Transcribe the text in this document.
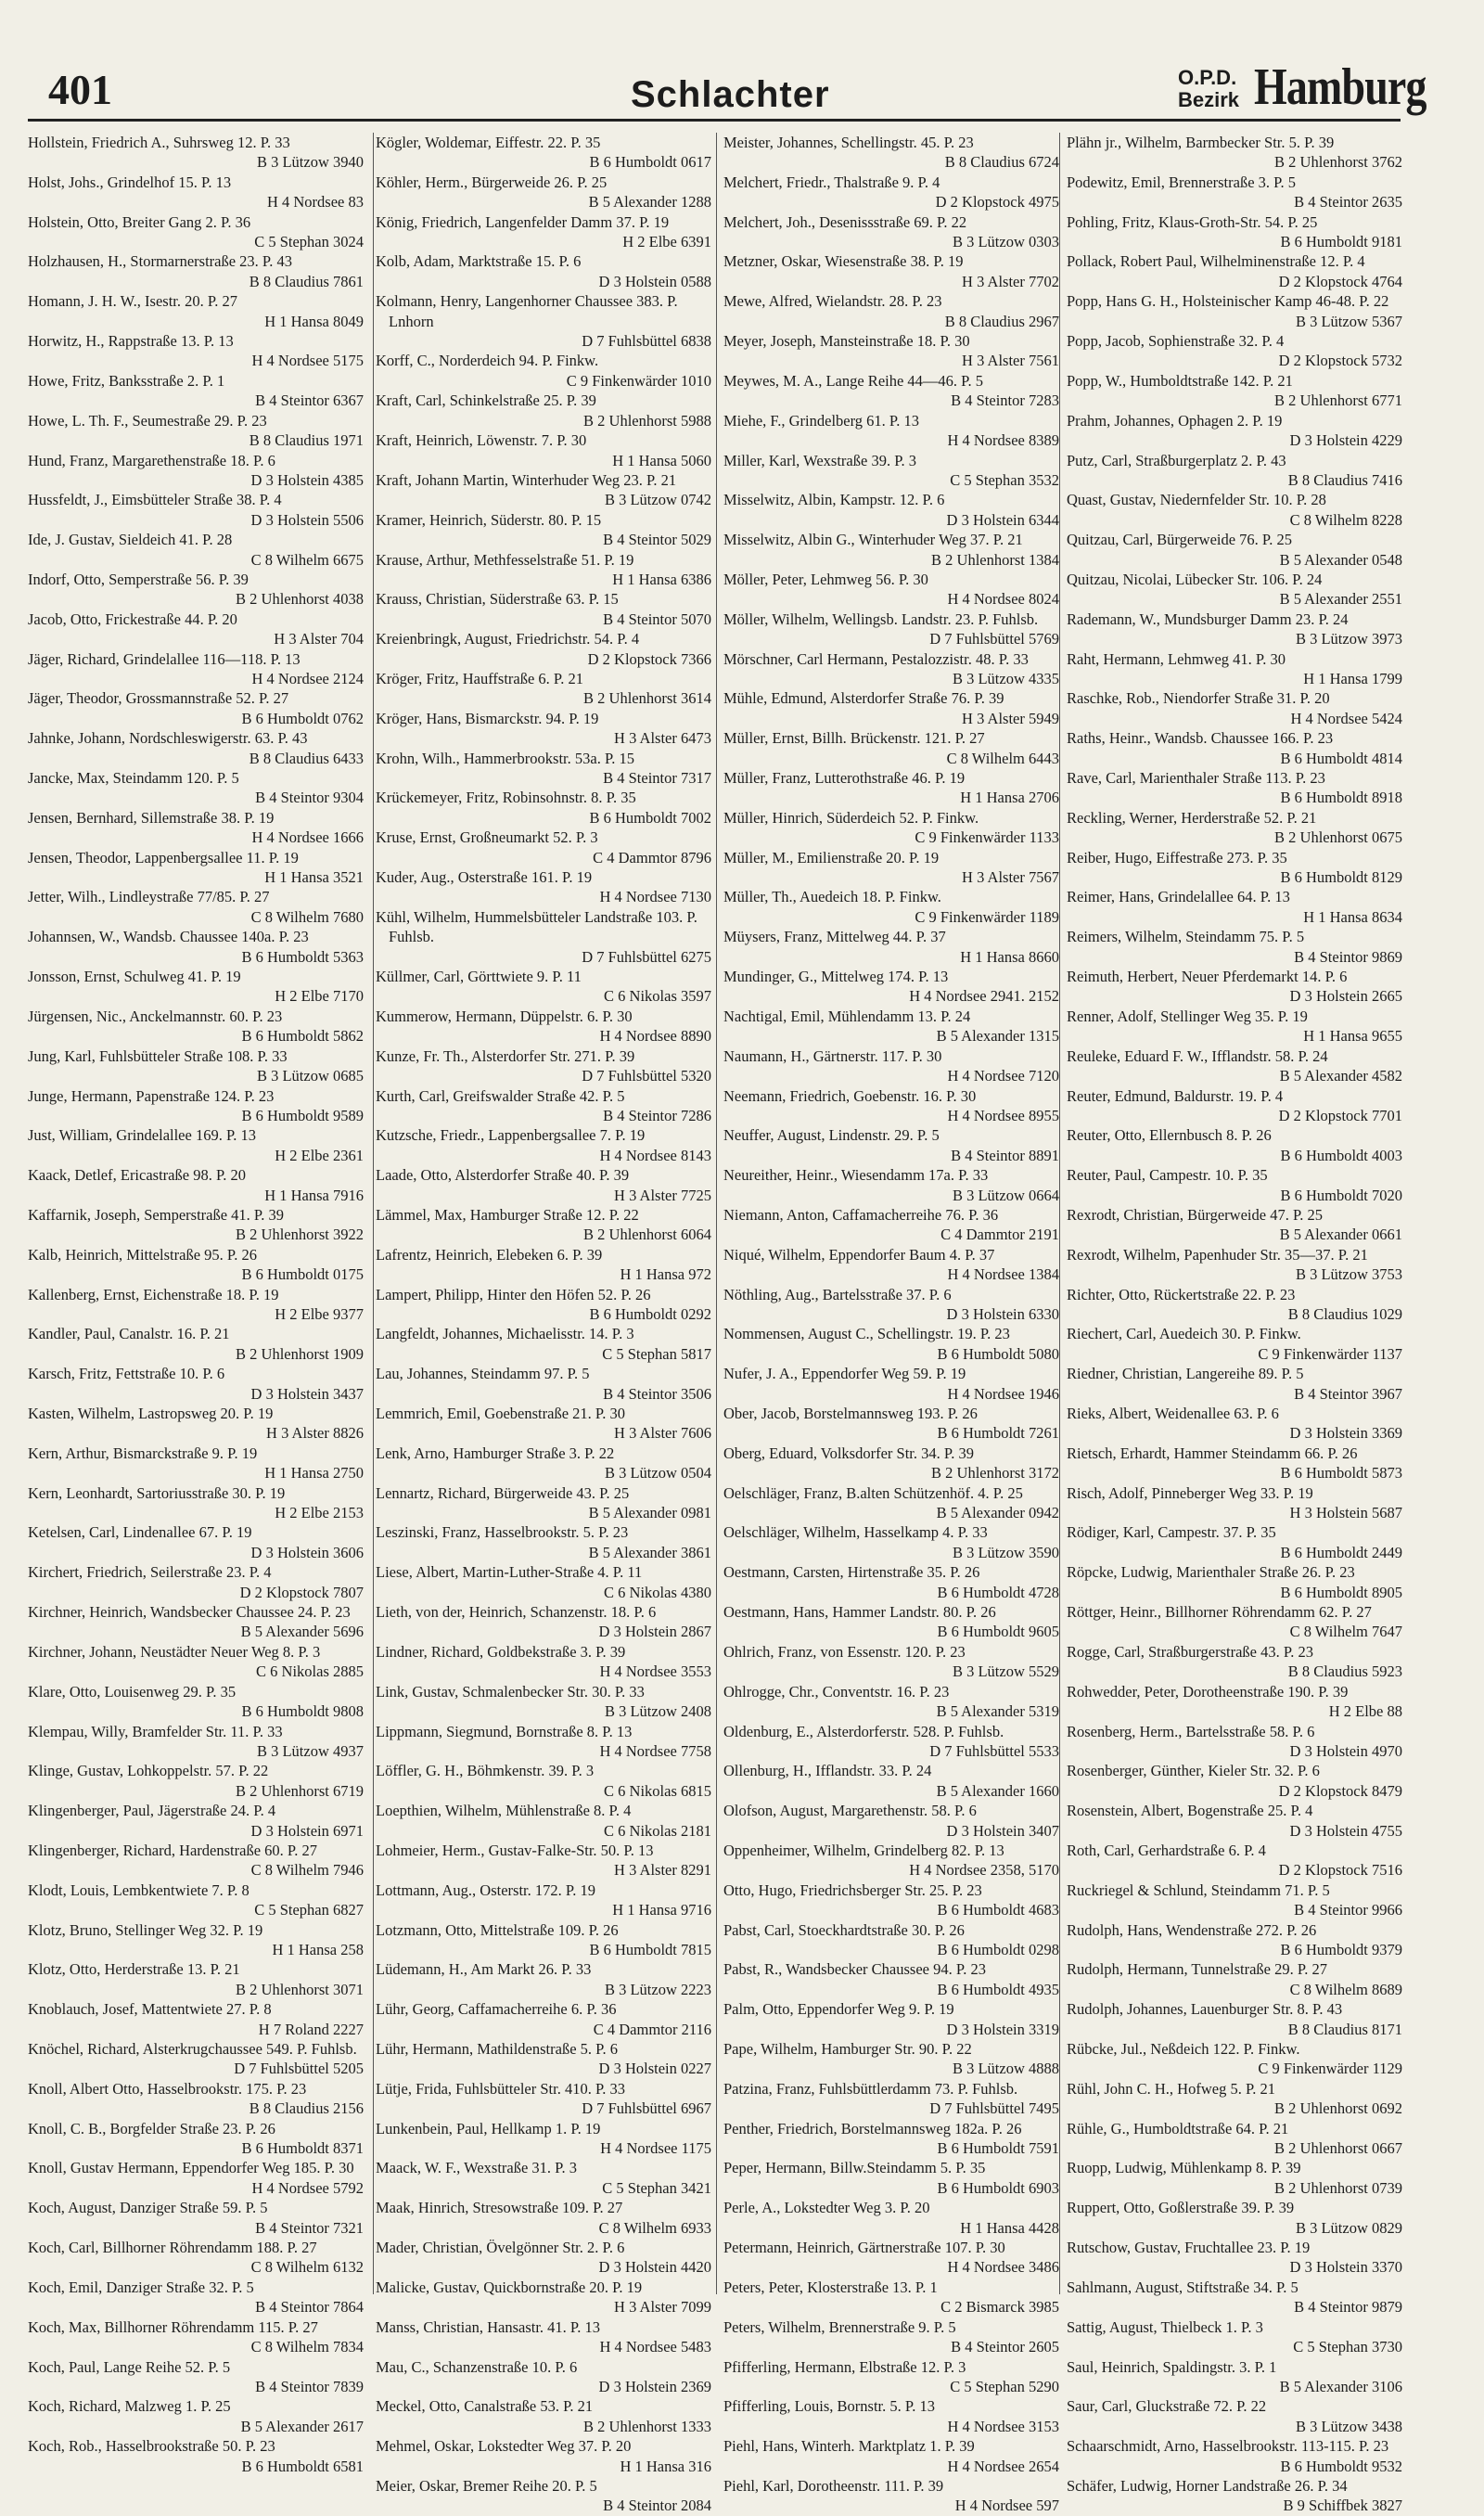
401	Schlachter	O.P.D.
Bezirk Hamburg
Hollstein, Friedrich A., Suhrsweg 12. P. 33
B 3 Lützow 3940
Holst, Johs., Grindelhof 15. P. 13
H 4 Nordsee 83
Holstein, Otto, Breiter Gang 2. P. 36
C 5 Stephan 3024
Holzhausen, H., Stormarnerstraße 23. P. 43
B 8 Claudius 7861
Homann, J. H. W., Isestr. 20. P. 27
H 1 Hansa 8049
Horwitz, H., Rappstraße 13. P. 13
H 4 Nordsee 5175
Howe, Fritz, Banksstraße 2. P. 1
B 4 Steintor 6367
Howe, L. Th. F., Seumestraße 29. P. 23
B 8 Claudius 1971
Hund, Franz, Margarethenstraße 18. P. 6
D 3 Holstein 4385
Hussfeldt, J., Eimsbütteler Straße 38. P. 4
D 3 Holstein 5506
Ide, J. Gustav, Sieldeich 41. P. 28
C 8 Wilhelm 6675
Indorf, Otto, Semperstraße 56. P. 39
B 2 Uhlenhorst 4038
Jacob, Otto, Frickestraße 44. P. 20
H 3 Alster 704
Jäger, Richard, Grindelallee 116—118. P. 13
H 4 Nordsee 2124
Jäger, Theodor, Grossmannstraße 52. P. 27
B 6 Humboldt 0762
Jahnke, Johann, Nordschleswigerstr. 63. P. 43
B 8 Claudius 6433
Jancke, Max, Steindamm 120. P. 5
B 4 Steintor 9304
Jensen, Bernhard, Sillemstraße 38. P. 19
H 4 Nordsee 1666
Jensen, Theodor, Lappenbergsallee 11. P. 19
H 1 Hansa 3521
Jetter, Wilh., Lindleystraße 77/85. P. 27
C 8 Wilhelm 7680
Johannsen, W., Wandsb. Chaussee 140a. P. 23
B 6 Humboldt 5363
Jonsson, Ernst, Schulweg 41. P. 19
H 2 Elbe 7170
Jürgensen, Nic., Anckelmannstr. 60. P. 23
B 6 Humboldt 5862
Jung, Karl, Fuhlsbütteler Straße 108. P. 33
B 3 Lützow 0685
Junge, Hermann, Papenstraße 124. P. 23
B 6 Humboldt 9589
Just, William, Grindelallee 169. P. 13
H 2 Elbe 2361
Kaack, Detlef, Ericastraße 98. P. 20
H 1 Hansa 7916
Kaffarnik, Joseph, Semperstraße 41. P. 39
B 2 Uhlenhorst 3922
Kalb, Heinrich, Mittelstraße 95. P. 26
B 6 Humboldt 0175
Kallenberg, Ernst, Eichenstraße 18. P. 19
H 2 Elbe 9377
Kandler, Paul, Canalstr. 16. P. 21
B 2 Uhlenhorst 1909
Karsch, Fritz, Fettstraße 10. P. 6
D 3 Holstein 3437
Kasten, Wilhelm, Lastropsweg 20. P. 19
H 3 Alster 8826
Kern, Arthur, Bismarckstraße 9. P. 19
H 1 Hansa 2750
Kern, Leonhardt, Sartoriusstraße 30. P. 19
H 2 Elbe 2153
Ketelsen, Carl, Lindenallee 67. P. 19
D 3 Holstein 3606
Kirchert, Friedrich, Seilerstraße 23. P. 4
D 2 Klopstock 7807
Kirchner, Heinrich, Wandsbecker Chaussee 24. P. 23
B 5 Alexander 5696
Kirchner, Johann, Neustädter Neuer Weg 8. P. 3
C 6 Nikolas 2885
Klare, Otto, Louisenweg 29. P. 35
B 6 Humboldt 9808
Klempau, Willy, Bramfelder Str. 11. P. 33
B 3 Lützow 4937
Klinge, Gustav, Lohkoppelstr. 57. P. 22
B 2 Uhlenhorst 6719
Klingenberger, Paul, Jägerstraße 24. P. 4
D 3 Holstein 6971
Klingenberger, Richard, Hardenstraße 60. P. 27
C 8 Wilhelm 7946
Klodt, Louis, Lembkentwiete 7. P. 8
C 5 Stephan 6827
Klotz, Bruno, Stellinger Weg 32. P. 19
H 1 Hansa 258
Klotz, Otto, Herderstraße 13. P. 21
B 2 Uhlenhorst 3071
Knoblauch, Josef, Mattentwiete 27. P. 8
H 7 Roland 2227
Knöchel, Richard, Alsterkrugchaussee 549. P. Fuhlsb.
D 7 Fuhlsbüttel 5205
Knoll, Albert Otto, Hasselbrookstr. 175. P. 23
B 8 Claudius 2156
Knoll, C. B., Borgfelder Straße 23. P. 26
B 6 Humboldt 8371
Knoll, Gustav Hermann, Eppendorfer Weg 185. P. 30
H 4 Nordsee 5792
Koch, August, Danziger Straße 59. P. 5
B 4 Steintor 7321
Koch, Carl, Billhorner Röhrendamm 188. P. 27
C 8 Wilhelm 6132
Koch, Emil, Danziger Straße 32. P. 5
B 4 Steintor 7864
Koch, Max, Billhorner Röhrendamm 115. P. 27
C 8 Wilhelm 7834
Koch, Paul, Lange Reihe 52. P. 5
B 4 Steintor 7839
Koch, Richard, Malzweg 1. P. 25
B 5 Alexander 2617
Koch, Rob., Hasselbrookstraße 50. P. 23
B 6 Humboldt 6581
Kögler, Woldemar, Eiffestr. 22. P. 35
B 6 Humboldt 0617
Köhler, Herm., Bürgerweide 26. P. 25
B 5 Alexander 1288
König, Friedrich, Langenfelder Damm 37. P. 19
H 2 Elbe 6391
Kolb, Adam, Marktstraße 15. P. 6
D 3 Holstein 0588
Kolmann, Henry, Langenhorner Chaussee 383. P. Lnhorn
D 7 Fuhlsbüttel 6838
Korff, C., Norderdeich 94. P. Finkw.
C 9 Finkenwärder 1010
Kraft, Carl, Schinkelstraße 25. P. 39
B 2 Uhlenhorst 5988
Kraft, Heinrich, Löwenstr. 7. P. 30
H 1 Hansa 5060
Kraft, Johann Martin, Winterhuder Weg 23. P. 21
B 3 Lützow 0742
Kramer, Heinrich, Süderstr. 80. P. 15
B 4 Steintor 5029
Krause, Arthur, Methfesselstraße 51. P. 19
H 1 Hansa 6386
Krauss, Christian, Süderstraße 63. P. 15
B 4 Steintor 5070
Kreienbringk, August, Friedrichstr. 54. P. 4
D 2 Klopstock 7366
Kröger, Fritz, Hauffstraße 6. P. 21
B 2 Uhlenhorst 3614
Kröger, Hans, Bismarckstr. 94. P. 19
H 3 Alster 6473
Krohn, Wilh., Hammerbrookstr. 53a. P. 15
B 4 Steintor 7317
Krückemeyer, Fritz, Robinsohnstr. 8. P. 35
B 6 Humboldt 7002
Kruse, Ernst, Großneumarkt 52. P. 3
C 4 Dammtor 8796
Kuder, Aug., Osterstraße 161. P. 19
H 4 Nordsee 7130
Kühl, Wilhelm, Hummelsbütteler Landstraße 103. P. Fuhlsb.
D 7 Fuhlsbüttel 6275
Küllmer, Carl, Görttwiete 9. P. 11
C 6 Nikolas 3597
Kummerow, Hermann, Düppelstr. 6. P. 30
H 4 Nordsee 8890
Kunze, Fr. Th., Alsterdorfer Str. 271. P. 39
D 7 Fuhlsbüttel 5320
Kurth, Carl, Greifswalder Straße 42. P. 5
B 4 Steintor 7286
Kutzsche, Friedr., Lappenbergsallee 7. P. 19
H 4 Nordsee 8143
Laade, Otto, Alsterdorfer Straße 40. P. 39
H 3 Alster 7725
Lämmel, Max, Hamburger Straße 12. P. 22
B 2 Uhlenhorst 6064
Lafrentz, Heinrich, Elebeken 6. P. 39
H 1 Hansa 972
Lampert, Philipp, Hinter den Höfen 52. P. 26
B 6 Humboldt 0292
Langfeldt, Johannes, Michaelisstr. 14. P. 3
C 5 Stephan 5817
Lau, Johannes, Steindamm 97. P. 5
B 4 Steintor 3506
Lemmrich, Emil, Goebenstraße 21. P. 30
H 3 Alster 7606
Lenk, Arno, Hamburger Straße 3. P. 22
B 3 Lützow 0504
Lennartz, Richard, Bürgerweide 43. P. 25
B 5 Alexander 0981
Leszinski, Franz, Hasselbrookstr. 5. P. 23
B 5 Alexander 3861
Liese, Albert, Martin-Luther-Straße 4. P. 11
C 6 Nikolas 4380
Lieth, von der, Heinrich, Schanzenstr. 18. P. 6
D 3 Holstein 2867
Lindner, Richard, Goldbekstraße 3. P. 39
H 4 Nordsee 3553
Link, Gustav, Schmalenbecker Str. 30. P. 33
B 3 Lützow 2408
Lippmann, Siegmund, Bornstraße 8. P. 13
H 4 Nordsee 7758
Löffler, G. H., Böhmkenstr. 39. P. 3
C 6 Nikolas 6815
Loepthien, Wilhelm, Mühlenstraße 8. P. 4
C 6 Nikolas 2181
Lohmeier, Herm., Gustav-Falke-Str. 50. P. 13
H 3 Alster 8291
Lottmann, Aug., Osterstr. 172. P. 19
H 1 Hansa 9716
Lotzmann, Otto, Mittelstraße 109. P. 26
B 6 Humboldt 7815
Lüdemann, H., Am Markt 26. P. 33
B 3 Lützow 2223
Lühr, Georg, Caffamacherreihe 6. P. 36
C 4 Dammtor 2116
Lühr, Hermann, Mathildenstraße 5. P. 6
D 3 Holstein 0227
Lütje, Frida, Fuhlsbütteler Str. 410. P. 33
D 7 Fuhlsbüttel 6967
Lunkenbein, Paul, Hellkamp 1. P. 19
H 4 Nordsee 1175
Maack, W. F., Wexstraße 31. P. 3
C 5 Stephan 3421
Maak, Hinrich, Stresowstraße 109. P. 27
C 8 Wilhelm 6933
Mader, Christian, Övelgönner Str. 2. P. 6
D 3 Holstein 4420
Malicke, Gustav, Quickbornstraße 20. P. 19
H 3 Alster 7099
Manss, Christian, Hansastr. 41. P. 13
H 4 Nordsee 5483
Mau, C., Schanzenstraße 10. P. 6
D 3 Holstein 2369
Meckel, Otto, Canalstraße 53. P. 21
B 2 Uhlenhorst 1333
Mehmel, Oskar, Lokstedter Weg 37. P. 20
H 1 Hansa 316
Meier, Oskar, Bremer Reihe 20. P. 5
B 4 Steintor 2084
Meister, Johannes, Schellingstr. 45. P. 23
B 8 Claudius 6724
Melchert, Friedr., Thalstraße 9. P. 4
D 2 Klopstock 4975
Melchert, Joh., Desenissstraße 69. P. 22
B 3 Lützow 0303
Metzner, Oskar, Wiesenstraße 38. P. 19
H 3 Alster 7702
Mewe, Alfred, Wielandstr. 28. P. 23
B 8 Claudius 2967
Meyer, Joseph, Mansteinstraße 18. P. 30
H 3 Alster 7561
Meywes, M. A., Lange Reihe 44—46. P. 5
B 4 Steintor 7283
Miehe, F., Grindelberg 61. P. 13
H 4 Nordsee 8389
Miller, Karl, Wexstraße 39. P. 3
C 5 Stephan 3532
Misselwitz, Albin, Kampstr. 12. P. 6
D 3 Holstein 6344
Misselwitz, Albin G., Winterhuder Weg 37. P. 21
B 2 Uhlenhorst 1384
Möller, Peter, Lehmweg 56. P. 30
H 4 Nordsee 8024
Möller, Wilhelm, Wellingsb. Landstr. 23. P. Fuhlsb.
D 7 Fuhlsbüttel 5769
Mörschner, Carl Hermann, Pestalozzistr. 48. P. 33
B 3 Lützow 4335
Mühle, Edmund, Alsterdorfer Straße 76. P. 39
H 3 Alster 5949
Müller, Ernst, Billh. Brückenstr. 121. P. 27
C 8 Wilhelm 6443
Müller, Franz, Lutterothstraße 46. P. 19
H 1 Hansa 2706
Müller, Hinrich, Süderdeich 52. P. Finkw.
C 9 Finkenwärder 1133
Müller, M., Emilienstraße 20. P. 19
H 3 Alster 7567
Müller, Th., Auedeich 18. P. Finkw.
C 9 Finkenwärder 1189
Müysers, Franz, Mittelweg 44. P. 37
H 1 Hansa 8660
Mundinger, G., Mittelweg 174. P. 13
H 4 Nordsee 2941. 2152
Nachtigal, Emil, Mühlendamm 13. P. 24
B 5 Alexander 1315
Naumann, H., Gärtnerstr. 117. P. 30
H 4 Nordsee 7120
Neemann, Friedrich, Goebenstr. 16. P. 30
H 4 Nordsee 8955
Neuffer, August, Lindenstr. 29. P. 5
B 4 Steintor 8891
Neureither, Heinr., Wiesendamm 17a. P. 33
B 3 Lützow 0664
Niemann, Anton, Caffamacherreihe 76. P. 36
C 4 Dammtor 2191
Niqué, Wilhelm, Eppendorfer Baum 4. P. 37
H 4 Nordsee 1384
Nöthling, Aug., Bartelsstraße 37. P. 6
D 3 Holstein 6330
Nommensen, August C., Schellingstr. 19. P. 23
B 6 Humboldt 5080
Nufer, J. A., Eppendorfer Weg 59. P. 19
H 4 Nordsee 1946
Ober, Jacob, Borstelmannsweg 193. P. 26
B 6 Humboldt 7261
Oberg, Eduard, Volksdorfer Str. 34. P. 39
B 2 Uhlenhorst 3172
Oelschläger, Franz, B.alten Schützenhöf. 4. P. 25
B 5 Alexander 0942
Oelschläger, Wilhelm, Hasselkamp 4. P. 33
B 3 Lützow 3590
Oestmann, Carsten, Hirtenstraße 35. P. 26
B 6 Humboldt 4728
Oestmann, Hans, Hammer Landstr. 80. P. 26
B 6 Humboldt 9605
Ohlrich, Franz, von Essenstr. 120. P. 23
B 3 Lützow 5529
Ohlrogge, Chr., Conventstr. 16. P. 23
B 5 Alexander 5319
Oldenburg, E., Alsterdorferstr. 528. P. Fuhlsb.
D 7 Fuhlsbüttel 5533
Ollenburg, H., Ifflandstr. 33. P. 24
B 5 Alexander 1660
Olofson, August, Margarethenstr. 58. P. 6
D 3 Holstein 3407
Oppenheimer, Wilhelm, Grindelberg 82. P. 13
H 4 Nordsee 2358, 5170
Otto, Hugo, Friedrichsberger Str. 25. P. 23
B 6 Humboldt 4683
Pabst, Carl, Stoeckhardtstraße 30. P. 26
B 6 Humboldt 0298
Pabst, R., Wandsbecker Chaussee 94. P. 23
B 6 Humboldt 4935
Palm, Otto, Eppendorfer Weg 9. P. 19
D 3 Holstein 3319
Pape, Wilhelm, Hamburger Str. 90. P. 22
B 3 Lützow 4888
Patzina, Franz, Fuhlsbüttlerdamm 73. P. Fuhlsb.
D 7 Fuhlsbüttel 7495
Penther, Friedrich, Borstelmannsweg 182a. P. 26
B 6 Humboldt 7591
Peper, Hermann, Billw.Steindamm 5. P. 35
B 6 Humboldt 6903
Perle, A., Lokstedter Weg 3. P. 20
H 1 Hansa 4428
Petermann, Heinrich, Gärtnerstraße 107. P. 30
H 4 Nordsee 3486
Peters, Peter, Klosterstraße 13. P. 1
C 2 Bismarck 3985
Peters, Wilhelm, Brennerstraße 9. P. 5
B 4 Steintor 2605
Pfifferling, Hermann, Elbstraße 12. P. 3
C 5 Stephan 5290
Pfifferling, Louis, Bornstr. 5. P. 13
H 4 Nordsee 3153
Piehl, Hans, Winterh. Marktplatz 1. P. 39
H 4 Nordsee 2654
Piehl, Karl, Dorotheenstr. 111. P. 39
H 4 Nordsee 597
Plähn jr., Wilhelm, Barmbecker Str. 5. P. 39
B 2 Uhlenhorst 3762
Podewitz, Emil, Brennerstraße 3. P. 5
B 4 Steintor 2635
Pohling, Fritz, Klaus-Groth-Str. 54. P. 25
B 6 Humboldt 9181
Pollack, Robert Paul, Wilhelminenstraße 12. P. 4
D 2 Klopstock 4764
Popp, Hans G. H., Holsteinischer Kamp 46-48. P. 22
B 3 Lützow 5367
Popp, Jacob, Sophienstraße 32. P. 4
D 2 Klopstock 5732
Popp, W., Humboldtstraße 142. P. 21
B 2 Uhlenhorst 6771
Prahm, Johannes, Ophagen 2. P. 19
D 3 Holstein 4229
Putz, Carl, Straßburgerplatz 2. P. 43
B 8 Claudius 7416
Quast, Gustav, Niedernfelder Str. 10. P. 28
C 8 Wilhelm 8228
Quitzau, Carl, Bürgerweide 76. P. 25
B 5 Alexander 0548
Quitzau, Nicolai, Lübecker Str. 106. P. 24
B 5 Alexander 2551
Rademann, W., Mundsburger Damm 23. P. 24
B 3 Lützow 3973
Raht, Hermann, Lehmweg 41. P. 30
H 1 Hansa 1799
Raschke, Rob., Niendorfer Straße 31. P. 20
H 4 Nordsee 5424
Raths, Heinr., Wandsb. Chaussee 166. P. 23
B 6 Humboldt 4814
Rave, Carl, Marienthaler Straße 113. P. 23
B 6 Humboldt 8918
Reckling, Werner, Herderstraße 52. P. 21
B 2 Uhlenhorst 0675
Reiber, Hugo, Eiffestraße 273. P. 35
B 6 Humboldt 8129
Reimer, Hans, Grindelallee 64. P. 13
H 1 Hansa 8634
Reimers, Wilhelm, Steindamm 75. P. 5
B 4 Steintor 9869
Reimuth, Herbert, Neuer Pferdemarkt 14. P. 6
D 3 Holstein 2665
Renner, Adolf, Stellinger Weg 35. P. 19
H 1 Hansa 9655
Reuleke, Eduard F. W., Ifflandstr. 58. P. 24
B 5 Alexander 4582
Reuter, Edmund, Baldurstr. 19. P. 4
D 2 Klopstock 7701
Reuter, Otto, Ellernbusch 8. P. 26
B 6 Humboldt 4003
Reuter, Paul, Campestr. 10. P. 35
B 6 Humboldt 7020
Rexrodt, Christian, Bürgerweide 47. P. 25
B 5 Alexander 0661
Rexrodt, Wilhelm, Papenhuder Str. 35—37. P. 21
B 3 Lützow 3753
Richter, Otto, Rückertstraße 22. P. 23
B 8 Claudius 1029
Riechert, Carl, Auedeich 30. P. Finkw.
C 9 Finkenwärder 1137
Riedner, Christian, Langereihe 89. P. 5
B 4 Steintor 3967
Rieks, Albert, Weidenallee 63. P. 6
D 3 Holstein 3369
Rietsch, Erhardt, Hammer Steindamm 66. P. 26
B 6 Humboldt 5873
Risch, Adolf, Pinneberger Weg 33. P. 19
H 3 Holstein 5687
Rödiger, Karl, Campestr. 37. P. 35
B 6 Humboldt 2449
Röpcke, Ludwig, Marienthaler Straße 26. P. 23
B 6 Humboldt 8905
Röttger, Heinr., Billhorner Röhrendamm 62. P. 27
C 8 Wilhelm 7647
Rogge, Carl, Straßburgerstraße 43. P. 23
B 8 Claudius 5923
Rohwedder, Peter, Dorotheenstraße 190. P. 39
H 2 Elbe 88
Rosenberg, Herm., Bartelsstraße 58. P. 6
D 3 Holstein 4970
Rosenberger, Günther, Kieler Str. 32. P. 6
D 2 Klopstock 8479
Rosenstein, Albert, Bogenstraße 25. P. 4
D 3 Holstein 4755
Roth, Carl, Gerhardstraße 6. P. 4
D 2 Klopstock 7516
Ruckriegel & Schlund, Steindamm 71. P. 5
B 4 Steintor 9966
Rudolph, Hans, Wendenstraße 272. P. 26
B 6 Humboldt 9379
Rudolph, Hermann, Tunnelstraße 29. P. 27
C 8 Wilhelm 8689
Rudolph, Johannes, Lauenburger Str. 8. P. 43
B 8 Claudius 8171
Rübcke, Jul., Neßdeich 122. P. Finkw.
C 9 Finkenwärder 1129
Rühl, John C. H., Hofweg 5. P. 21
B 2 Uhlenhorst 0692
Rühle, G., Humboldtstraße 64. P. 21
B 2 Uhlenhorst 0667
Ruopp, Ludwig, Mühlenkamp 8. P. 39
B 2 Uhlenhorst 0739
Ruppert, Otto, Goßlerstraße 39. P. 39
B 3 Lützow 0829
Rutschow, Gustav, Fruchtallee 23. P. 19
D 3 Holstein 3370
Sahlmann, August, Stiftstraße 34. P. 5
B 4 Steintor 9879
Sattig, August, Thielbeck 1. P. 3
C 5 Stephan 3730
Saul, Heinrich, Spaldingstr. 3. P. 1
B 5 Alexander 3106
Saur, Carl, Gluckstraße 72. P. 22
B 3 Lützow 3438
Schaarschmidt, Arno, Hasselbrookstr. 113-115. P. 23
B 6 Humboldt 9532
Schäfer, Ludwig, Horner Landstraße 26. P. 34
B 9 Schiffbek 3827
